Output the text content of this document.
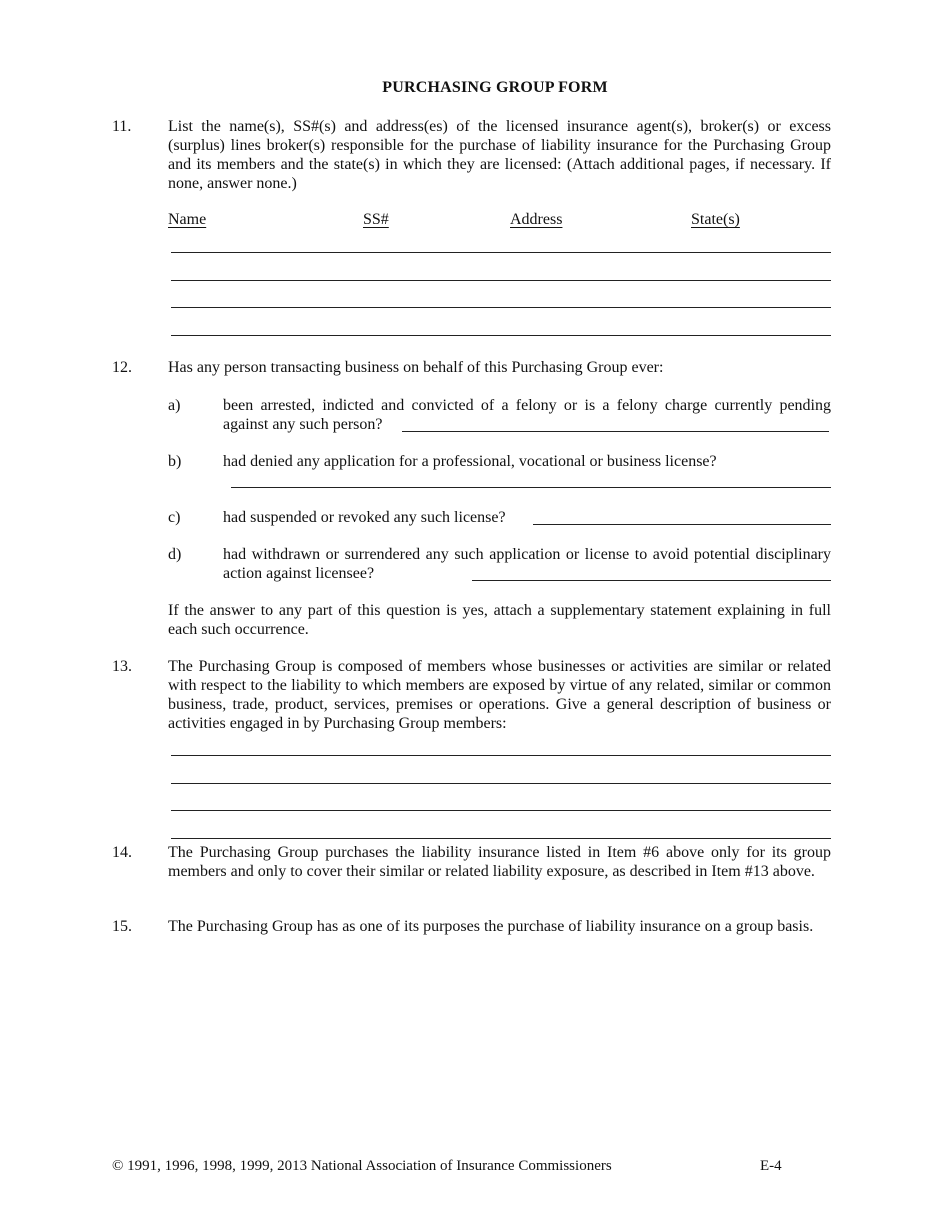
PURCHASING GROUP FORM
11. List the name(s), SS#(s) and address(es) of the licensed insurance agent(s), broker(s) or excess (surplus) lines broker(s) responsible for the purchase of liability insurance for the Purchasing Group and its members and the state(s) in which they are licensed: (Attach additional pages, if necessary. If none, answer none.)
Name	SS#	Address	State(s)
12. Has any person transacting business on behalf of this Purchasing Group ever:
a)	been arrested, indicted and convicted of a felony or is a felony charge currently pending against any such person?
b)	had denied any application for a professional, vocational or business license?
c)	had suspended or revoked any such license?
d)	had withdrawn or surrendered any such application or license to avoid potential disciplinary action against licensee?
If the answer to any part of this question is yes, attach a supplementary statement explaining in full each such occurrence.
13. The Purchasing Group is composed of members whose businesses or activities are similar or related with respect to the liability to which members are exposed by virtue of any related, similar or common business, trade, product, services, premises or operations. Give a general description of business or activities engaged in by Purchasing Group members:
14. The Purchasing Group purchases the liability insurance listed in Item #6 above only for its group members and only to cover their similar or related liability exposure, as described in Item #13 above.
15. The Purchasing Group has as one of its purposes the purchase of liability insurance on a group basis.
© 1991, 1996, 1998, 1999, 2013 National Association of Insurance Commissioners	E-4
